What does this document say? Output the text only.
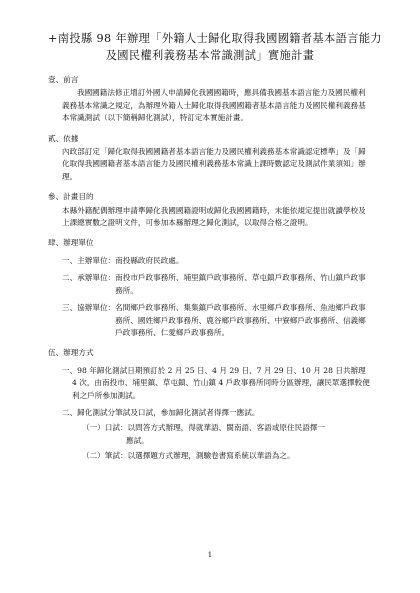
+南投縣 98 年辦理「外籍人士歸化取得我國國籍者基本語言能力
及國民權利義務基本常識測試」實施計畫
壹、前言
我國國籍法修正增訂外國人申請歸化我國國籍時，應具備我國基本語言能力及國民權利義務基本常識之規定，為辦理外籍人士歸化取得我國國籍者基本語言能力及國民權利義務基本常識測試（以下簡稱歸化測試），特訂定本實施計畫。
貳、依據
內政部訂定「歸化取得我國國籍者基本語言能力及國民權利義務基本常識認定標準」及「歸化取得我國國籍者基本語言能力及國民權利義務基本常識上課時數認定及測試作業須知」辦理。
參、計畫目的
本縣外籍配偶辦理申請準歸化我國國籍證明或歸化我國國籍時，未能依規定提出就讀學校及上課總實數之證明文件，可參加本縣辦理之歸化測試，以取得合格之證明。
肆、辦理單位
一、主辦單位： 南投縣政府民政處。
二、承辦單位： 南投市戶政事務所、埔里鎮戶政事務所、草屯鎮戶政事務所、竹山鎮戶政事務所。
三、協辦單位： 名間鄉戶政事務所、集集鎮戶政事務所、水里鄉戶政事務所、魚池鄉戶政事務所、國姓鄉戶政事務所、鹿谷鄉戶政事務所、中寮鄉戶政事務所、信義鄉戶政事務所、仁愛鄉戶政事務所。
伍、辦理方式
一、98 年歸化測試日期預訂於 2 月 25 日、4 月 29 日、7 月 29 日、10 月 28 日共辦理 4 次，由南投市、埔里鎮、草屯鎮、竹山鎮 4 戶政事務所同時分區辦理，讓民眾選擇較便利之戶所參加測試。
二、歸化測試分筆試及口試，參加歸化測試者得擇一應試。
（一）口試：以問答方式辦理，得就華語、閩南語、客語或原住民語擇一
應試。
（二）筆試：以選擇題方式辦理，測驗卷書寫系統以華語為之。
1
